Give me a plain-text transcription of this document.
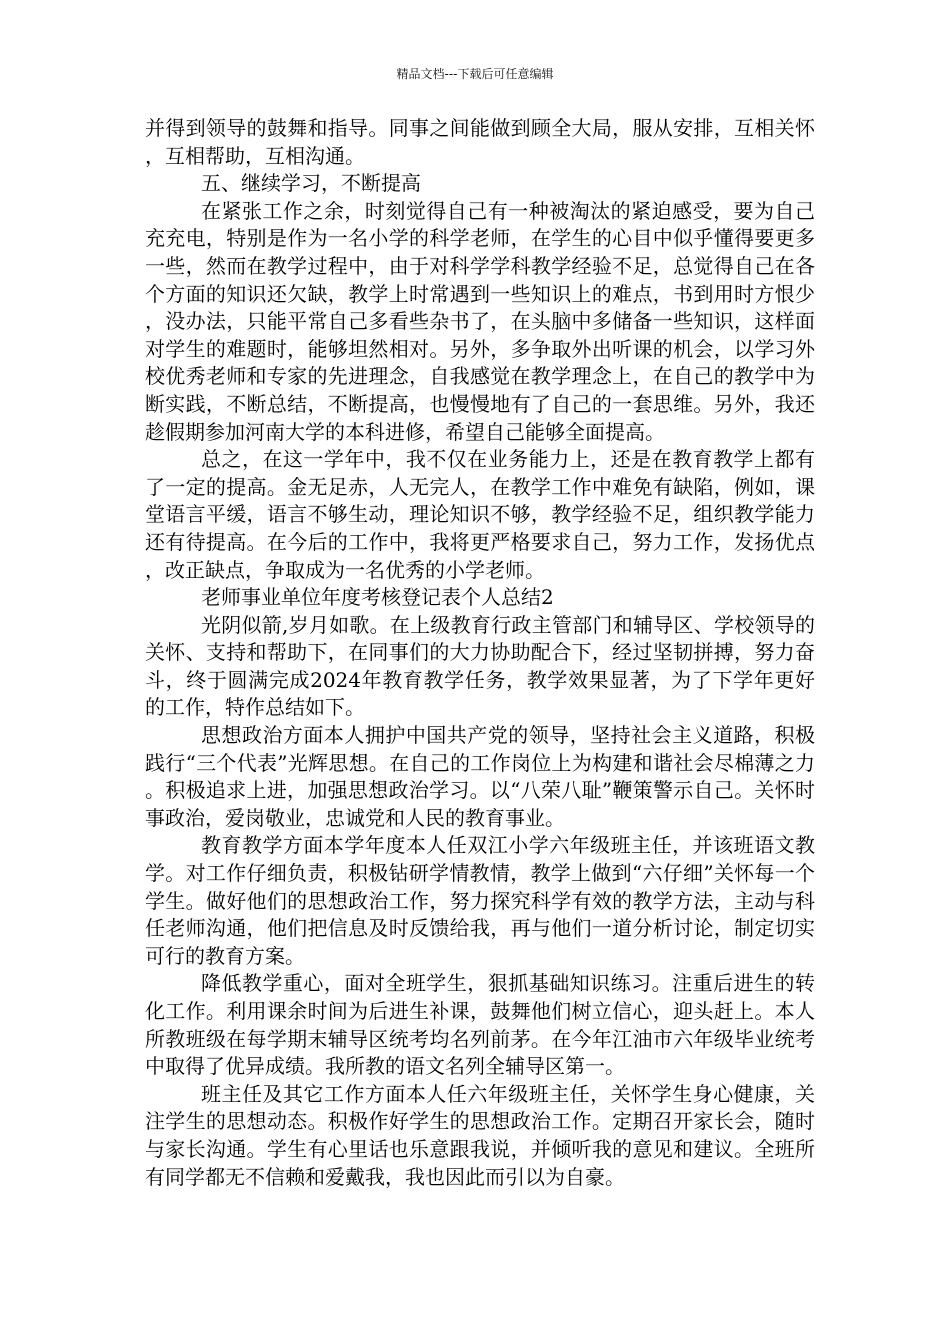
精品文档---下载后可任意编辑

并得到领导的鼓舞和指导。同事之间能做到顾全大局，服从安排，互相关怀，互相帮助，互相沟通。

五、继续学习，不断提高

在紧张工作之余，时刻觉得自己有一种被淘汰的紧迫感受，要为自己充充电，特别是作为一名小学的科学老师，在学生的心目中似乎懂得要更多一些，然而在教学过程中，由于对科学学科教学经验不足，总觉得自己在各个方面的知识还欠缺，教学上时常遇到一些知识上的难点，书到用时方恨少，没办法，只能平常自己多看些杂书了，在头脑中多储备一些知识，这样面对学生的难题时，能够坦然相对。另外，多争取外出听课的机会，以学习外校优秀老师和专家的先进理念，自我感觉在教学理念上，在自己的教学中为断实践，不断总结，不断提高，也慢慢地有了自己的一套思维。另外，我还趁假期参加河南大学的本科进修，希望自己能够全面提高。

总之，在这一学年中，我不仅在业务能力上，还是在教育教学上都有了一定的提高。金无足赤，人无完人，在教学工作中难免有缺陷，例如，课堂语言平缓，语言不够生动，理论知识不够，教学经验不足，组织教学能力还有待提高。在今后的工作中，我将更严格要求自己，努力工作，发扬优点，改正缺点，争取成为一名优秀的小学老师。

老师事业单位年度考核登记表个人总结2

光阴似箭,岁月如歌。在上级教育行政主管部门和辅导区、学校领导的关怀、支持和帮助下，在同事们的大力协助配合下，经过坚韧拼搏，努力奋斗，终于圆满完成2024年教育教学任务，教学效果显著，为了下学年更好的工作，特作总结如下。

思想政治方面本人拥护中国共产党的领导，坚持社会主义道路，积极践行“三个代表”光辉思想。在自己的工作岗位上为构建和谐社会尽棉薄之力。积极追求上进，加强思想政治学习。以“八荣八耻”鞭策警示自己。关怀时事政治，爱岗敬业，忠诚党和人民的教育事业。

教育教学方面本学年度本人任双江小学六年级班主任，并该班语文教学。对工作仔细负责，积极钻研学情教情，教学上做到“六仔细”关怀每一个学生。做好他们的思想政治工作，努力探究科学有效的教学方法，主动与科任老师沟通，他们把信息及时反馈给我，再与他们一道分析讨论，制定切实可行的教育方案。

降低教学重心，面对全班学生，狠抓基础知识练习。注重后进生的转化工作。利用课余时间为后进生补课，鼓舞他们树立信心，迎头赶上。本人所教班级在每学期末辅导区统考均名列前茅。在今年江油市六年级毕业统考中取得了优异成绩。我所教的语文名列全辅导区第一。

班主任及其它工作方面本人任六年级班主任，关怀学生身心健康，关注学生的思想动态。积极作好学生的思想政治工作。定期召开家长会，随时与家长沟通。学生有心里话也乐意跟我说，并倾听我的意见和建议。全班所有同学都无不信赖和爱戴我，我也因此而引以为自豪。
